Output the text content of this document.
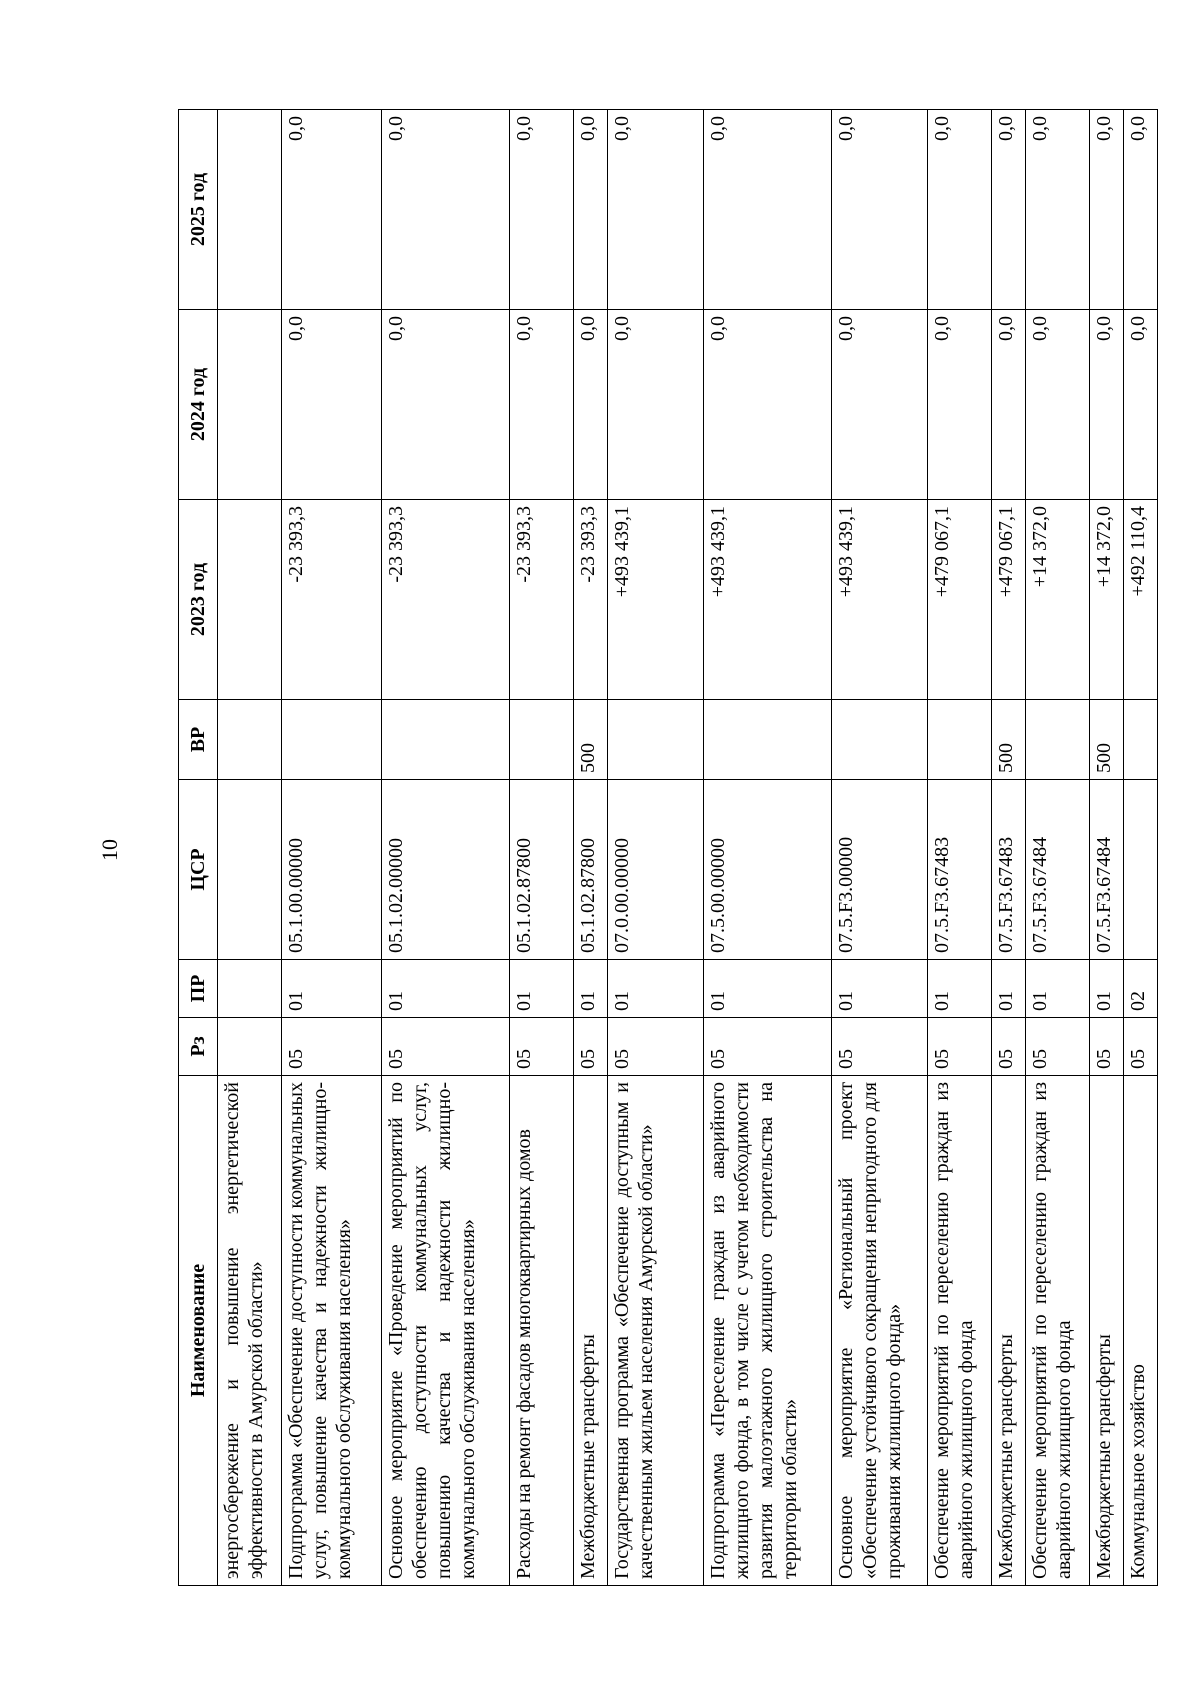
10
Наименование	Рз	ПР	ЦСР	ВР	2023 год	2024 год	2025 год
энергосбережение и повышение энергетической эффективности в Амурской области»							
Подпрограмма «Обеспечение доступности коммунальных услуг, повышение качества и надежности жилищно-коммунального обслуживания населения»	05	01	05.1.00.00000		-23 393,3	0,0	0,0
Основное мероприятие «Проведение мероприятий по обеспечению доступности коммунальных услуг, повышению качества и надежности жилищно-коммунального обслуживания населения»	05	01	05.1.02.00000		-23 393,3	0,0	0,0
Расходы на ремонт фасадов многоквартирных домов	05	01	05.1.02.87800		-23 393,3	0,0	0,0
Межбюджетные трансферты	05	01	05.1.02.87800	500	-23 393,3	0,0	0,0
Государственная программа «Обеспечение доступным и качественным жильем населения Амурской области»	05	01	07.0.00.00000		+493 439,1	0,0	0,0
Подпрограмма «Переселение граждан из аварийного жилищного фонда, в том числе с учетом необходимости развития малоэтажного жилищного строительства на территории области»	05	01	07.5.00.00000		+493 439,1	0,0	0,0
Основное мероприятие «Региональный проект «Обеспечение устойчивого сокращения непригодного для проживания жилищного фонда»	05	01	07.5.F3.00000		+493 439,1	0,0	0,0
Обеспечение мероприятий по переселению граждан из аварийного жилищного фонда	05	01	07.5.F3.67483		+479 067,1	0,0	0,0
Межбюджетные трансферты	05	01	07.5.F3.67483	500	+479 067,1	0,0	0,0
Обеспечение мероприятий по переселению граждан из аварийного жилищного фонда	05	01	07.5.F3.67484		+14 372,0	0,0	0,0
Межбюджетные трансферты	05	01	07.5.F3.67484	500	+14 372,0	0,0	0,0
Коммунальное хозяйство	05	02			+492 110,4	0,0	0,0
